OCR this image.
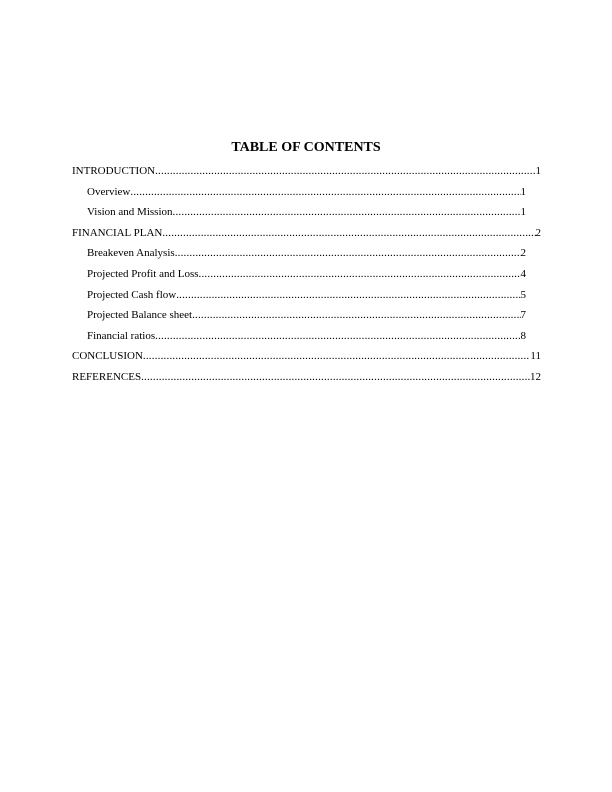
TABLE OF CONTENTS
INTRODUCTION .....	1
Overview .....	1
Vision and Mission .....	1
FINANCIAL PLAN .....	2
Breakeven Analysis .....	2
Projected Profit and Loss .....	4
Projected Cash flow .....	5
Projected Balance sheet .....	7
Financial ratios .....	8
CONCLUSION .....	11
REFERENCES .....	12
